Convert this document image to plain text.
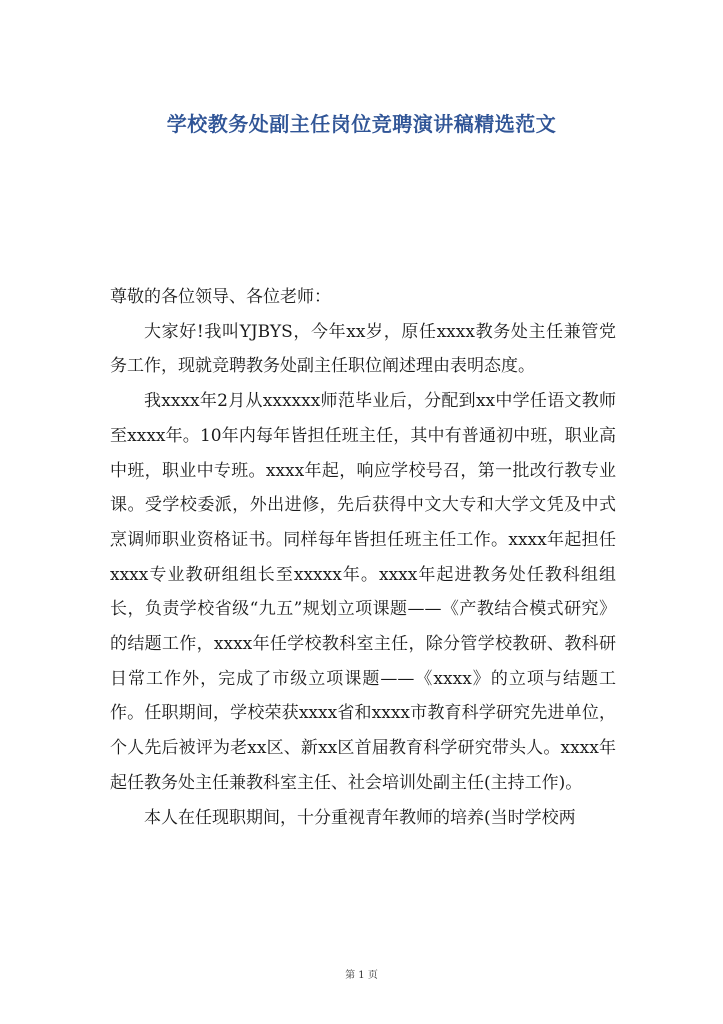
学校教务处副主任岗位竞聘演讲稿精选范文

尊敬的各位领导、各位老师：

大家好!我叫YJBYS，今年xx岁，原任xxxx教务处主任兼管党务工作，现就竞聘教务处副主任职位阐述理由表明态度。

我xxxx年2月从xxxxxx师范毕业后，分配到xx中学任语文教师至xxxx年。10年内每年皆担任班主任，其中有普通初中班，职业高中班，职业中专班。xxxx年起，响应学校号召，第一批改行教专业课。受学校委派，外出进修，先后获得中文大专和大学文凭及中式烹调师职业资格证书。同样每年皆担任班主任工作。xxxx年起担任xxxx专业教研组组长至xxxxx年。xxxx年起进教务处任教科组组长，负责学校省级“九五”规划立项课题——《产教结合模式研究》的结题工作，xxxx年任学校教科室主任，除分管学校教研、教科研日常工作外，完成了市级立项课题——《xxxx》的立项与结题工作。任职期间，学校荣获xxxx省和xxxx市教育科学研究先进单位，个人先后被评为老xx区、新xx区首届教育科学研究带头人。xxxx年起任教务处主任兼教科室主任、社会培训处副主任(主持工作)。

本人在任现职期间，十分重视青年教师的培养(当时学校两

第 1 页
